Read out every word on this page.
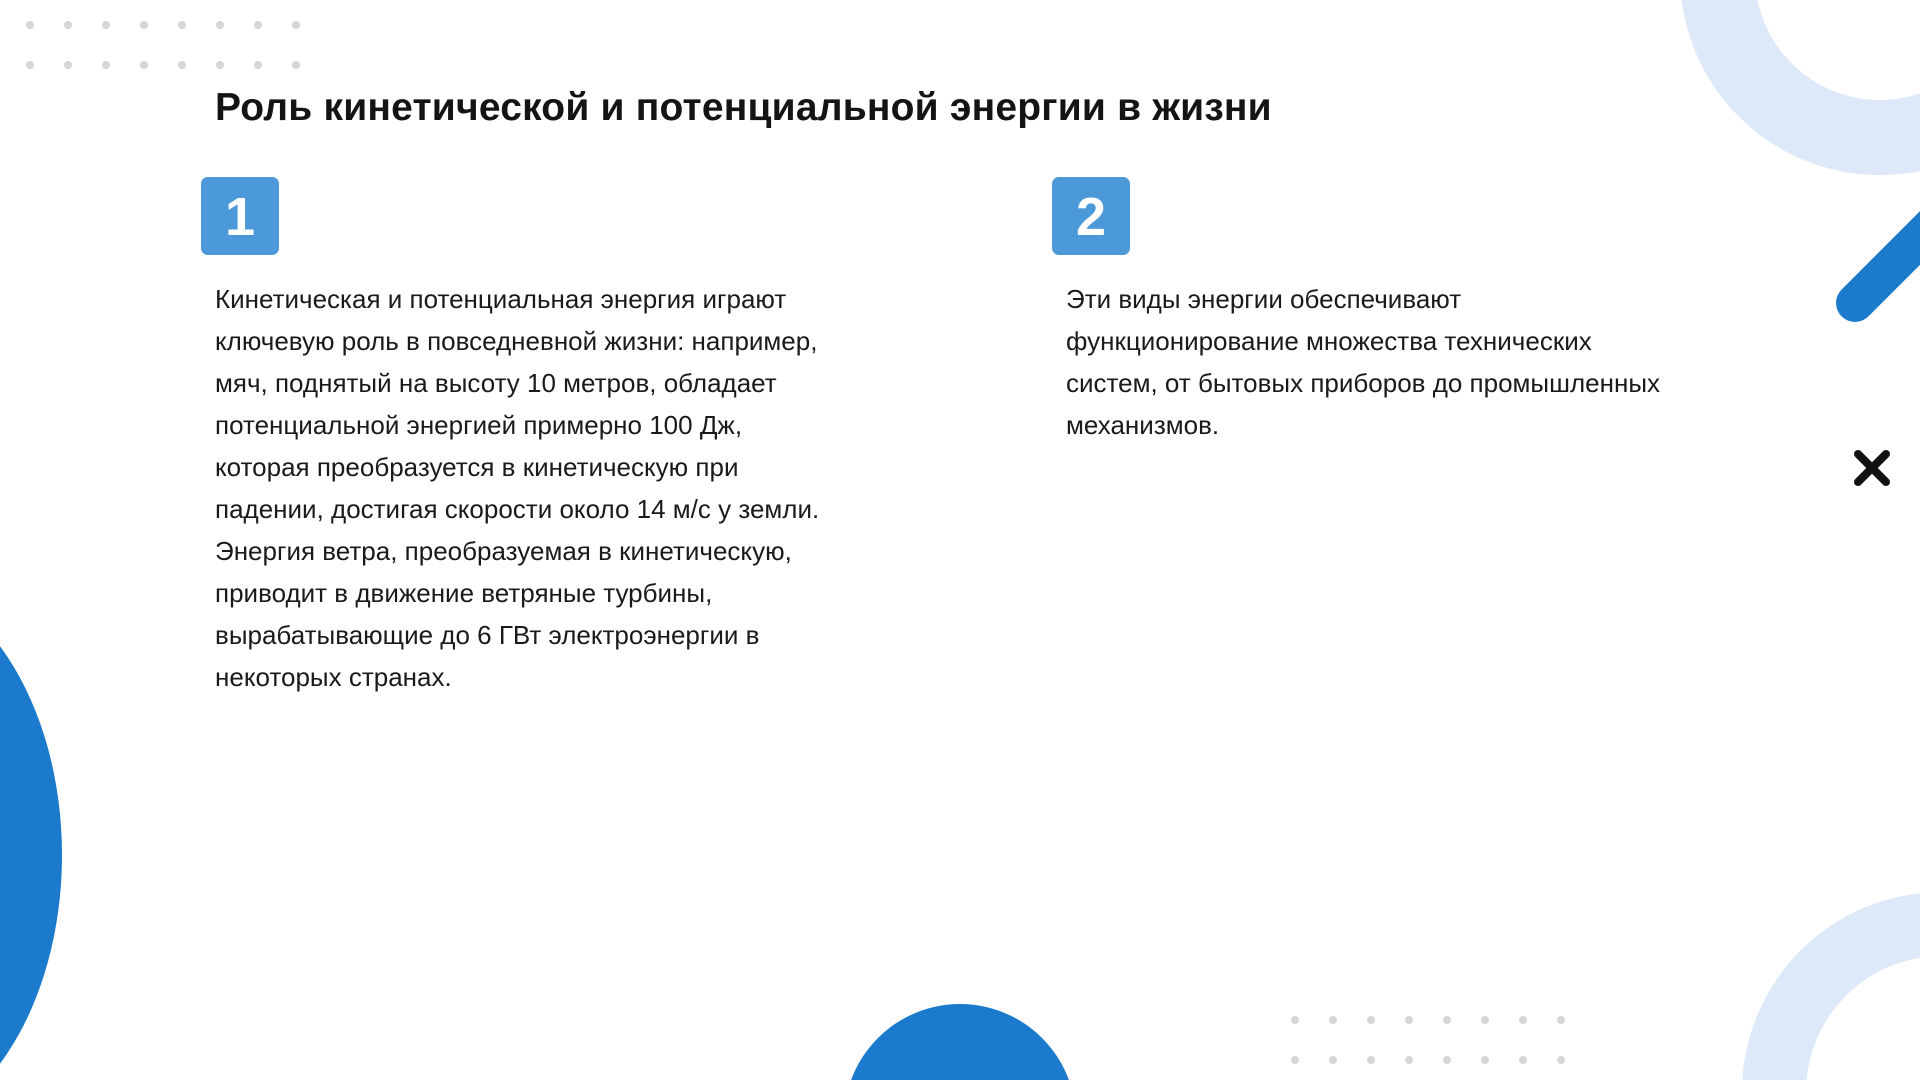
Роль кинетической и потенциальной энергии в жизни
1

Кинетическая и потенциальная энергия играют ключевую роль в повседневной жизни: например, мяч, поднятый на высоту 10 метров, обладает потенциальной энергией примерно 100 Дж, которая преобразуется в кинетическую при падении, достигая скорости около 14 м/с у земли. Энергия ветра, преобразуемая в кинетическую, приводит в движение ветряные турбины, вырабатывающие до 6 ГВт электроэнергии в некоторых странах.

2

Эти виды энергии обеспечивают функционирование множества технических систем, от бытовых приборов до промышленных механизмов.
